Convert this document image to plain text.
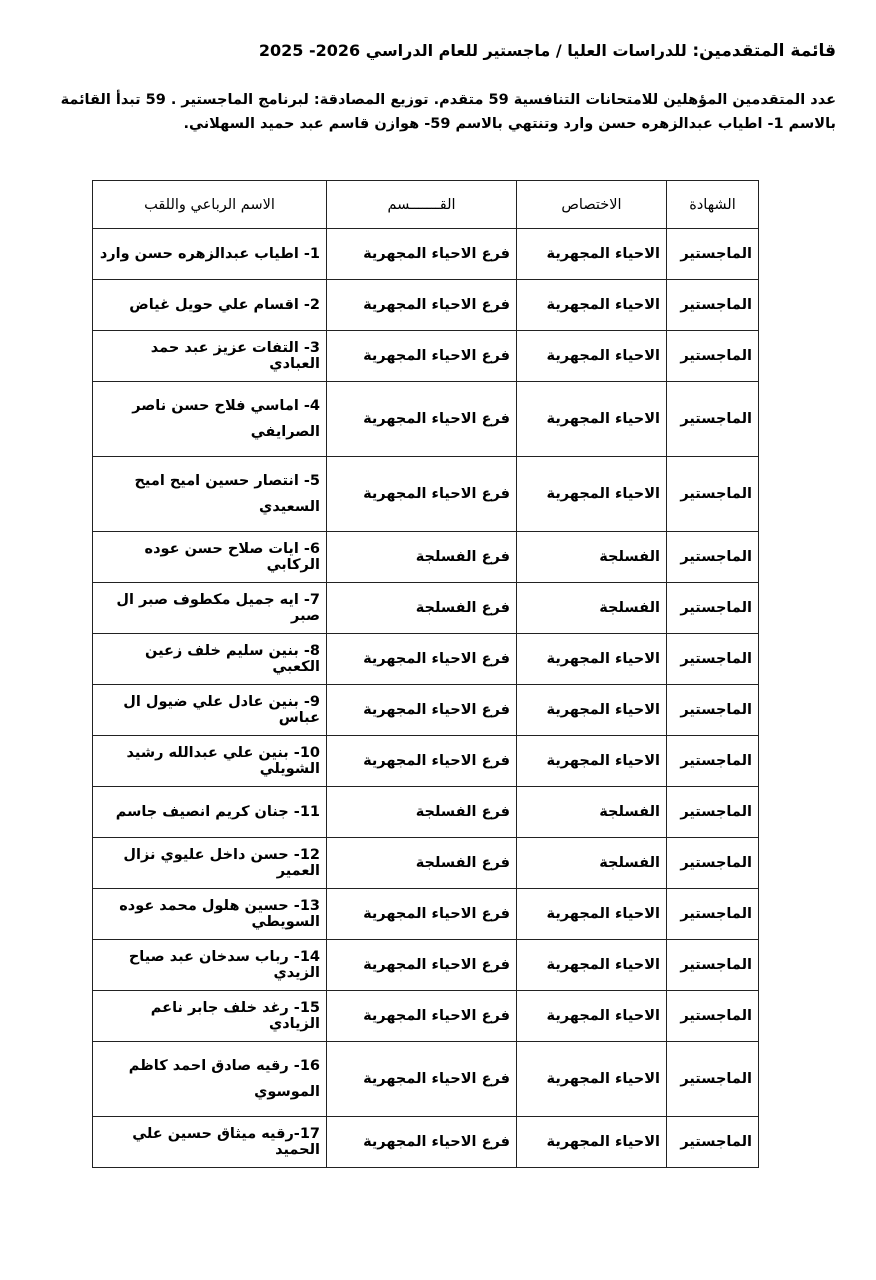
قائمة المتقدمين: للدراسات العليا / ماجستير للعام الدراسي 2026- 2025

عدد المتقدمين المؤهلين للامتحانات التنافسية 59 متقدم. توزيع المصادقة: لبرنامج الماجستير . 59 تبدأ القائمة بالاسم 1- اطياب عبدالزهره حسن وارد وتنتهي بالاسم 59- هوازن قاسم عبد حميد السهلاني.

الشهادة	الاختصاص	القـــــــسم	الاسم الرباعي واللقب
الماجستير	الاحياء المجهرية	فرع الاحياء المجهرية	1- اطياب عبدالزهره حسن وارد
الماجستير	الاحياء المجهرية	فرع الاحياء المجهرية	2- اقسام علي حويل غياض
الماجستير	الاحياء المجهرية	فرع الاحياء المجهرية	3- التفات عزيز عبد حمد العبادي
الماجستير	الاحياء المجهرية	فرع الاحياء المجهرية	4- اماسي فلاح حسن ناصر الصرايفي
الماجستير	الاحياء المجهرية	فرع الاحياء المجهرية	5- انتصار حسين اميح اميح السعيدي
الماجستير	الفسلجة	فرع الفسلجة	6- ايات صلاح حسن عوده الركابي
الماجستير	الفسلجة	فرع الفسلجة	7- ايه جميل مكطوف صبر ال صبر
الماجستير	الاحياء المجهرية	فرع الاحياء المجهرية	8- بنين سليم خلف زعين الكعبي
الماجستير	الاحياء المجهرية	فرع الاحياء المجهرية	9- بنين عادل علي ضيول ال عباس
الماجستير	الاحياء المجهرية	فرع الاحياء المجهرية	10- بنين علي عبدالله رشيد الشويلي
الماجستير	الفسلجة	فرع الفسلجة	11- جنان كريم انصيف جاسم
الماجستير	الفسلجة	فرع الفسلجة	12- حسن داخل عليوي نزال العمير
الماجستير	الاحياء المجهرية	فرع الاحياء المجهرية	13- حسين هلول محمد عوده السويطي
الماجستير	الاحياء المجهرية	فرع الاحياء المجهرية	14- رباب سدخان عبد صياح الزيدي
الماجستير	الاحياء المجهرية	فرع الاحياء المجهرية	15- رغد خلف جابر ناعم الزيادي
الماجستير	الاحياء المجهرية	فرع الاحياء المجهرية	16- رقيه صادق احمد كاظم الموسوي
الماجستير	الاحياء المجهرية	فرع الاحياء المجهرية	17-رقيه ميثاق حسين علي الحميد
